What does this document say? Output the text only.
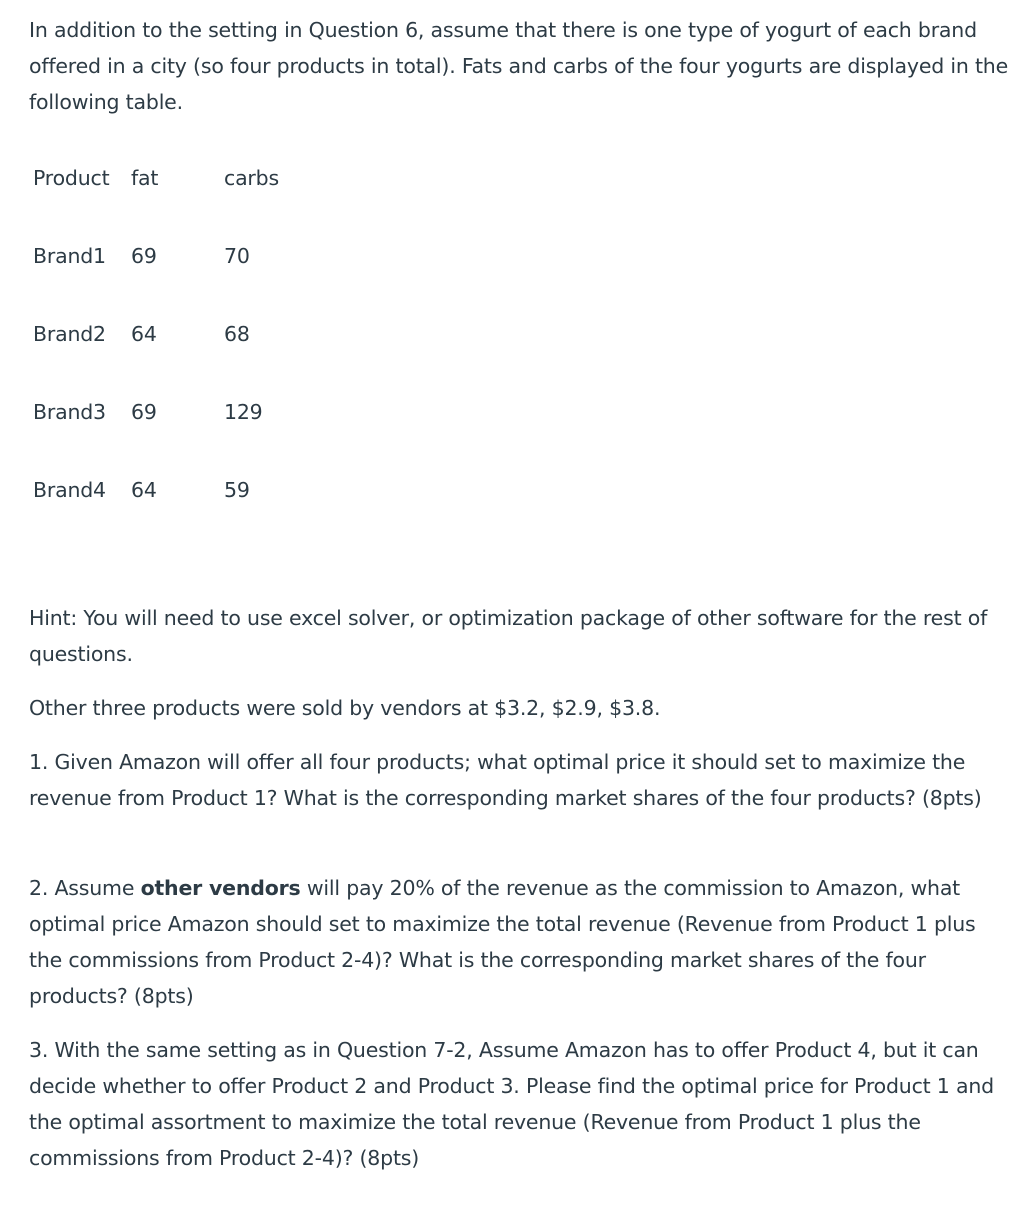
In addition to the setting in Question 6, assume that there is one type of yogurt of each brand offered in a city (so four products in total). Fats and carbs of the four yogurts are displayed in the following table.

Product fat	carbs
Brand1 69	70
Brand2 64	68
Brand3 69	129
Brand4 64	59

Hint: You will need to use excel solver, or optimization package of other software for the rest of questions.

Other three products were sold by vendors at $3.2, $2.9, $3.8.

1. Given Amazon will offer all four products; what optimal price it should set to maximize the revenue from Product 1? What is the corresponding market shares of the four products? (8pts)

2. Assume other vendors will pay 20% of the revenue as the commission to Amazon, what optimal price Amazon should set to maximize the total revenue (Revenue from Product 1 plus the commissions from Product 2-4)? What is the corresponding market shares of the four products? (8pts)

3. With the same setting as in Question 7-2, Assume Amazon has to offer Product 4, but it can decide whether to offer Product 2 and Product 3. Please find the optimal price for Product 1 and the optimal assortment to maximize the total revenue (Revenue from Product 1 plus the commissions from Product 2-4)? (8pts)
